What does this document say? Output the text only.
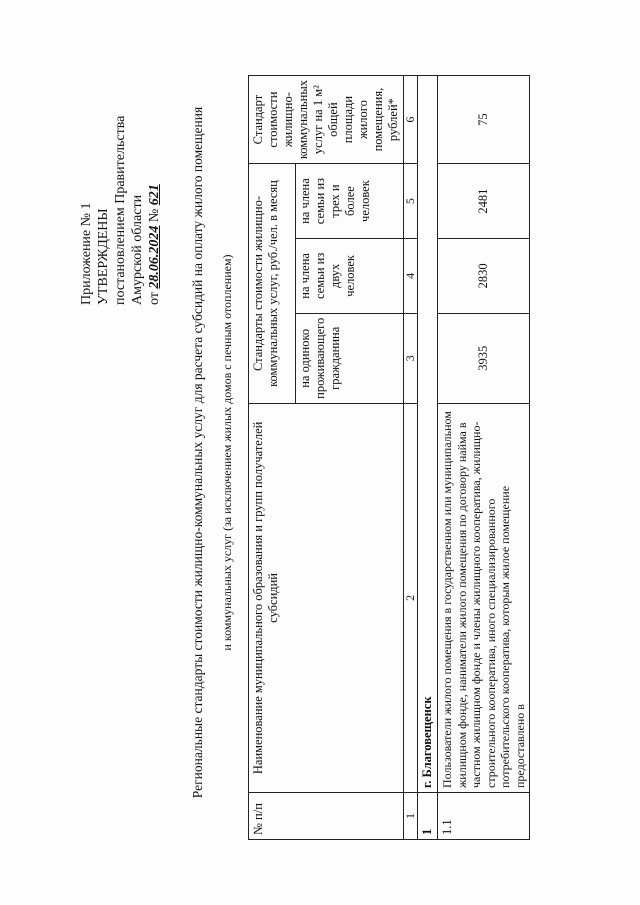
Приложение № 1 УТВЕРЖДЕНЫ постановлением Правительства Амурской области от 28.06.2024 № 621 Региональные стандарты стоимости жилищно-коммунальных услуг для расчета субсидий на оплату жилого помещения и коммунальных услуг (за исключением жилых домов с печным отоплением)
№ п/п	Наименование муниципального образования и групп получателей субсидий	Стандарты стоимости жилищно-коммунальных услуг, руб./чел. в месяц			Стандарт стоимости жилищно-коммунальных услуг на 1 м² общей площади жилого помещения, рублей*
		на одиноко проживающего гражданина	на члена семьи из двух человек	на члена семьи из трех и более человек	
1	2	3	4	5	6
1	г. Благовещенск				
1.1	Пользователи жилого помещения в государственном или муниципальном жилищном фонде, наниматели жилого помещения по договору найма в частном жилищном фонде и члены жилищного кооператива, жилищно-строительного кооператива, иного специализированного потребительского кооператива, которым жилое помещение предоставлено в	3935	2830	2481	75
